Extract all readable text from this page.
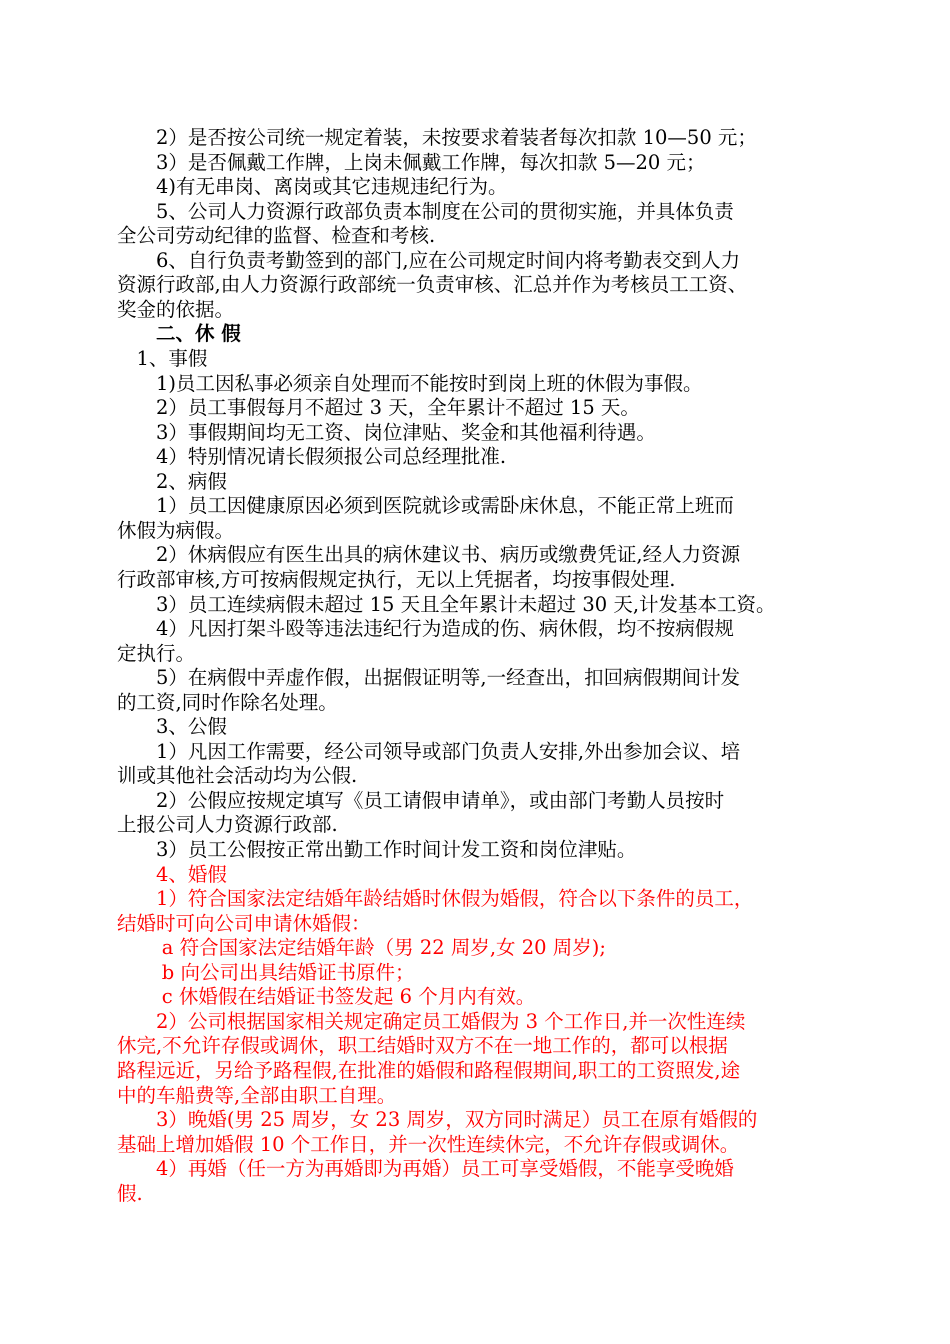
2）是否按公司统一规定着装，未按要求着装者每次扣款 10—50 元；
3）是否佩戴工作牌，上岗未佩戴工作牌，每次扣款 5—20 元；
4)有无串岗、离岗或其它违规违纪行为。
5、公司人力资源行政部负责本制度在公司的贯彻实施，并具体负责
全公司劳动纪律的监督、检查和考核.
6、自行负责考勤签到的部门,应在公司规定时间内将考勤表交到人力
资源行政部,由人力资源行政部统一负责审核、汇总并作为考核员工工资、
奖金的依据。
二、休 假
1、事假
1)员工因私事必须亲自处理而不能按时到岗上班的休假为事假。
2）员工事假每月不超过 3 天，全年累计不超过 15 天。
3）事假期间均无工资、岗位津贴、奖金和其他福利待遇。
4）特别情况请长假须报公司总经理批准.
2、病假
1）员工因健康原因必须到医院就诊或需卧床休息，不能正常上班而
休假为病假。
2）休病假应有医生出具的病休建议书、病历或缴费凭证,经人力资源
行政部审核,方可按病假规定执行，无以上凭据者，均按事假处理.
3）员工连续病假未超过 15 天且全年累计未超过 30 天,计发基本工资。
4）凡因打架斗殴等违法违纪行为造成的伤、病休假，均不按病假规
定执行。
5）在病假中弄虚作假，出据假证明等,一经查出，扣回病假期间计发
的工资,同时作除名处理。
3、公假
1）凡因工作需要，经公司领导或部门负责人安排,外出参加会议、培
训或其他社会活动均为公假.
2）公假应按规定填写《员工请假申请单》，或由部门考勤人员按时
上报公司人力资源行政部.
3）员工公假按正常出勤工作时间计发工资和岗位津贴。
4、婚假
1）符合国家法定结婚年龄结婚时休假为婚假，符合以下条件的员工，
结婚时可向公司申请休婚假：
a 符合国家法定结婚年龄（男 22 周岁,女 20 周岁);
b 向公司出具结婚证书原件；
c 休婚假在结婚证书签发起 6 个月内有效。
2）公司根据国家相关规定确定员工婚假为 3 个工作日,并一次性连续
休完,不允许存假或调休，职工结婚时双方不在一地工作的，都可以根据
路程远近，另给予路程假,在批准的婚假和路程假期间,职工的工资照发,途
中的车船费等,全部由职工自理。
3）晚婚(男 25 周岁，女 23 周岁，双方同时满足）员工在原有婚假的
基础上增加婚假 10 个工作日，并一次性连续休完，不允许存假或调休。
4）再婚（任一方为再婚即为再婚）员工可享受婚假，不能享受晚婚
假.
